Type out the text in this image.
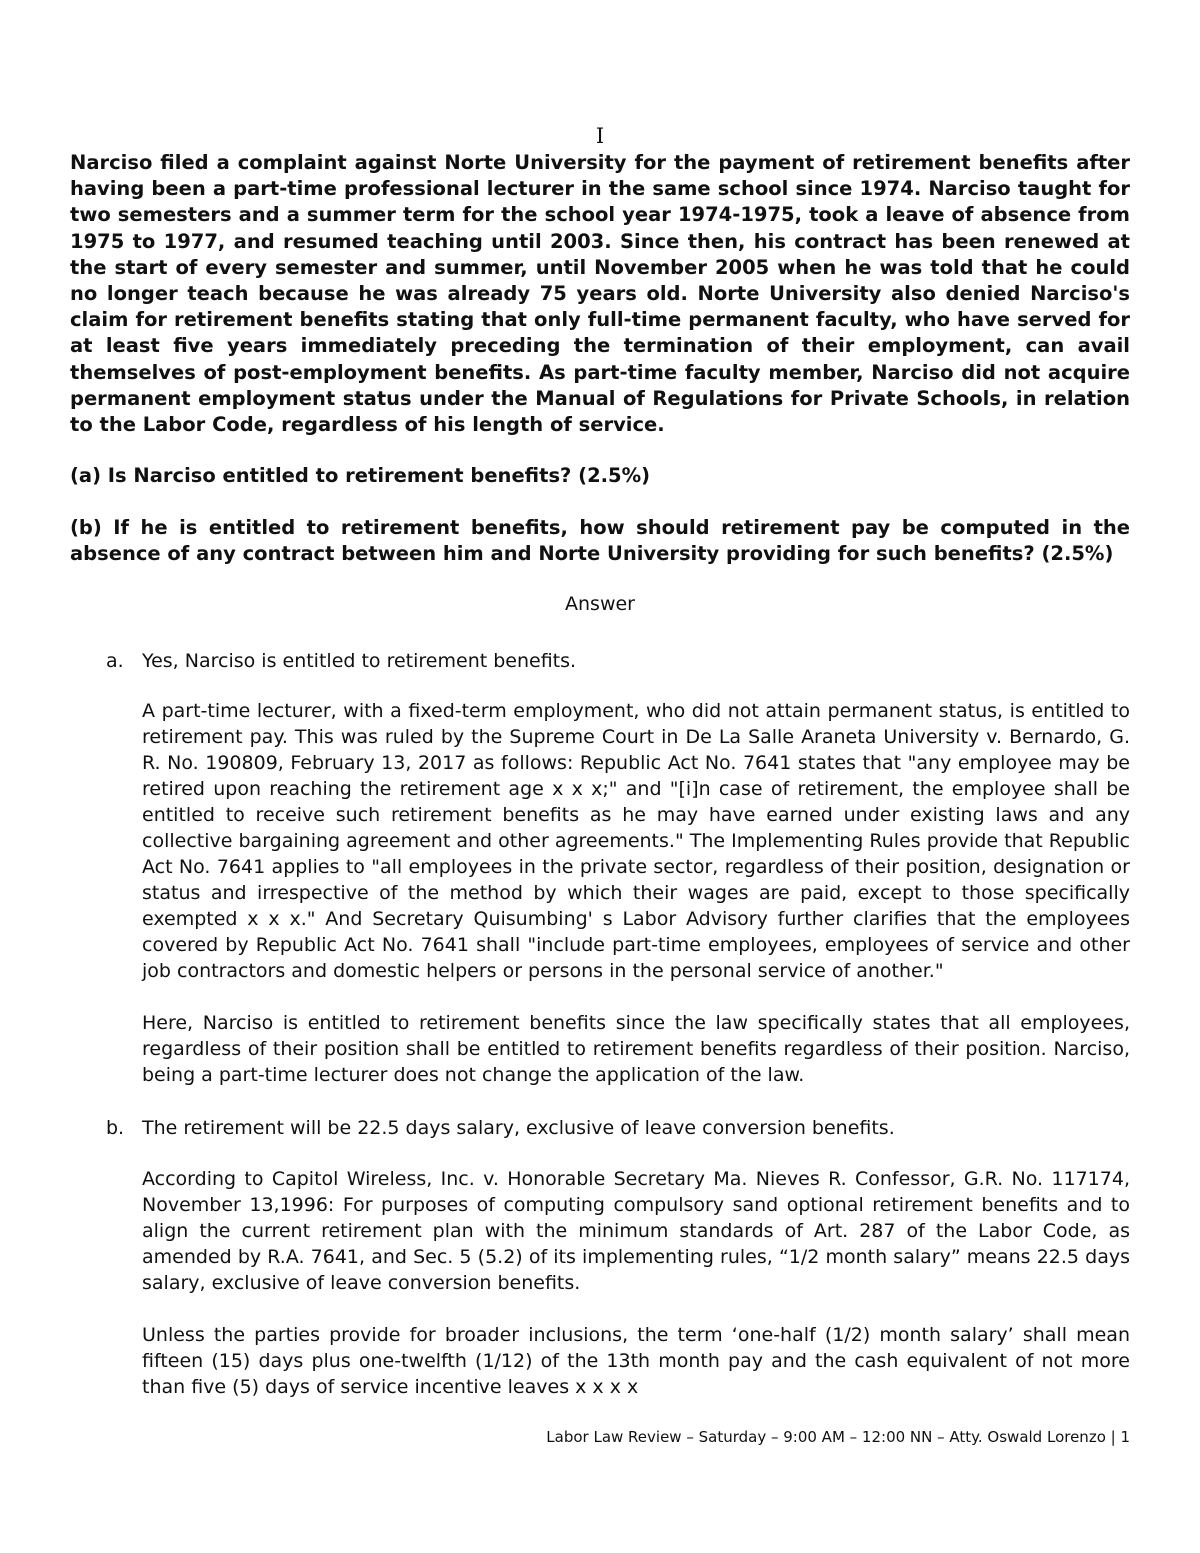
I

Narciso filed a complaint against Norte University for the payment of retirement benefits after having been a part-time professional lecturer in the same school since 1974. Narciso taught for two semesters and a summer term for the school year 1974-1975, took a leave of absence from 1975 to 1977, and resumed teaching until 2003. Since then, his contract has been renewed at the start of every semester and summer, until November 2005 when he was told that he could no longer teach because he was already 75 years old. Norte University also denied Narciso's claim for retirement benefits stating that only full-time permanent faculty, who have served for at least five years immediately preceding the termination of their employment, can avail themselves of post-employment benefits. As part-time faculty member, Narciso did not acquire permanent employment status under the Manual of Regulations for Private Schools, in relation to the Labor Code, regardless of his length of service.

(a) Is Narciso entitled to retirement benefits? (2.5%)

(b) If he is entitled to retirement benefits, how should retirement pay be computed in the absence of any contract between him and Norte University providing for such benefits? (2.5%)

Answer

a. Yes, Narciso is entitled to retirement benefits.

A part-time lecturer, with a fixed-term employment, who did not attain permanent status, is entitled to retirement pay. This was ruled by the Supreme Court in De La Salle Araneta University v. Bernardo, G. R. No. 190809, February 13, 2017 as follows: Republic Act No. 7641 states that "any employee may be retired upon reaching the retirement age x x x;" and "[i]n case of retirement, the employee shall be entitled to receive such retirement benefits as he may have earned under existing laws and any collective bargaining agreement and other agreements." The Implementing Rules provide that Republic Act No. 7641 applies to "all employees in the private sector, regardless of their position, designation or status and irrespective of the method by which their wages are paid, except to those specifically exempted x x x." And Secretary Quisumbing' s Labor Advisory further clarifies that the employees covered by Republic Act No. 7641 shall "include part-time employees, employees of service and other job contractors and domestic helpers or persons in the personal service of another."

Here, Narciso is entitled to retirement benefits since the law specifically states that all employees, regardless of their position shall be entitled to retirement benefits regardless of their position. Narciso, being a part-time lecturer does not change the application of the law.

b. The retirement will be 22.5 days salary, exclusive of leave conversion benefits.

According to Capitol Wireless, Inc. v. Honorable Secretary Ma. Nieves R. Confessor, G.R. No. 117174, November 13,1996: For purposes of computing compulsory sand optional retirement benefits and to align the current retirement plan with the minimum standards of Art. 287 of the Labor Code, as amended by R.A. 7641, and Sec. 5 (5.2) of its implementing rules, “1/2 month salary” means 22.5 days salary, exclusive of leave conversion benefits.

Unless the parties provide for broader inclusions, the term ‘one-half (1/2) month salary’ shall mean fifteen (15) days plus one-twelfth (1/12) of the 13th month pay and the cash equivalent of not more than five (5) days of service incentive leaves x x x x

Labor Law Review – Saturday – 9:00 AM – 12:00 NN – Atty. Oswald Lorenzo | 1
